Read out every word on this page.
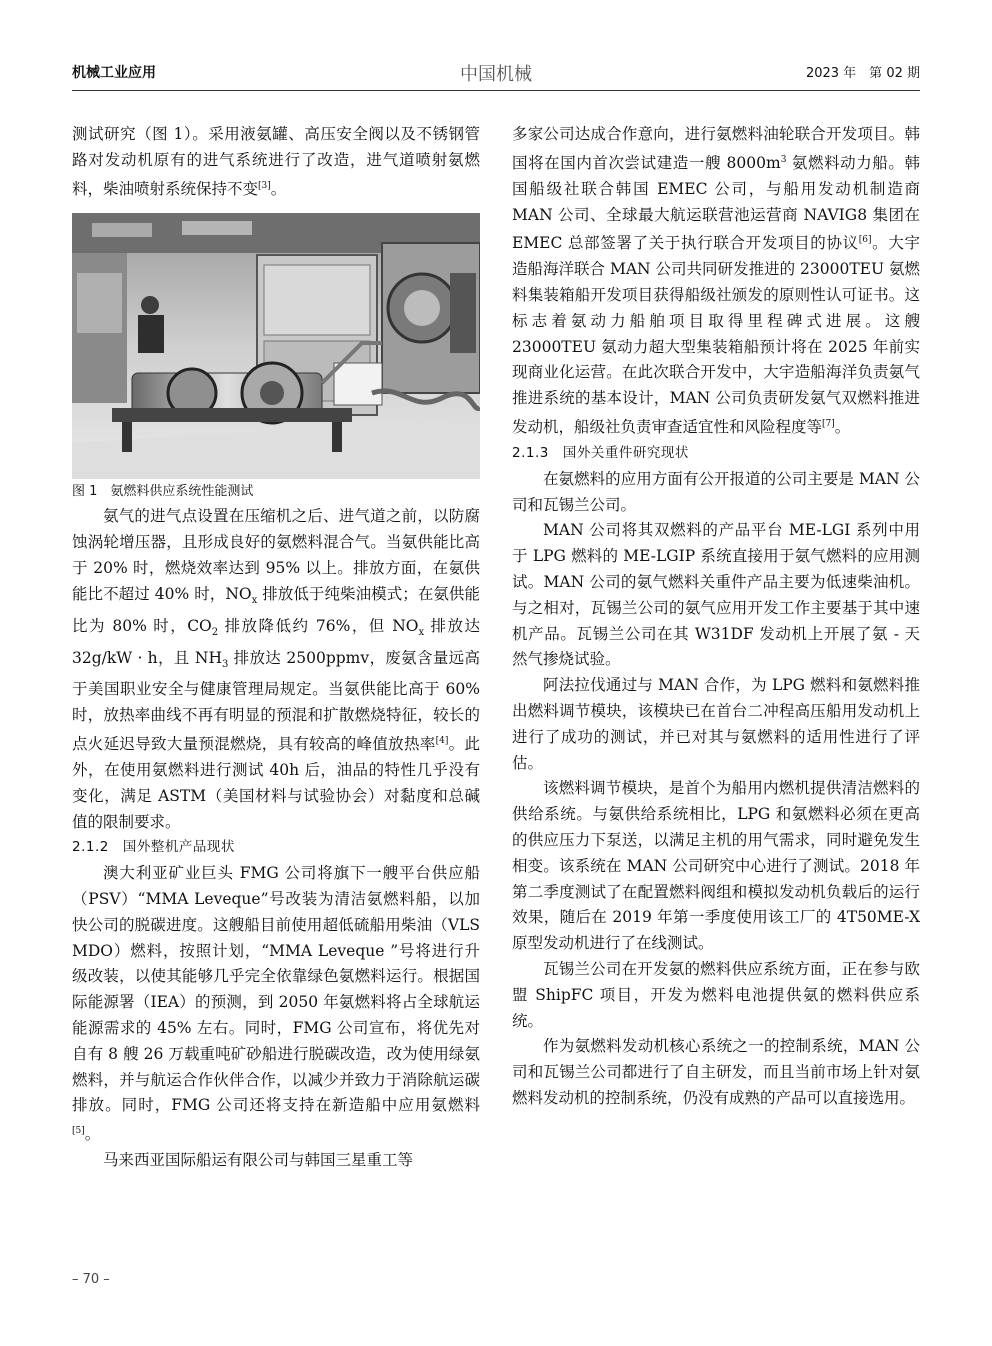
机械工业应用	中国机械	2023 年　第 02 期

测试研究（图 1）。采用液氨罐、高压安全阀以及不锈钢管路对发动机原有的进气系统进行了改造，进气道喷射氨燃料，柴油喷射系统保持不变[3]。

图 1　氨燃料供应系统性能测试

氨气的进气点设置在压缩机之后、进气道之前，以防腐蚀涡轮增压器，且形成良好的氨燃料混合气。当氨供能比高于 20% 时，燃烧效率达到 95% 以上。排放方面，在氨供能比不超过 40% 时，$NO_x$ 排放低于纯柴油模式；在氨供能比为 80% 时，$CO_2$ 排放降低约 76%，但 $NO_x$ 排放达 32g/kW · h，且 $NH_3$ 排放达 2500ppmv，废氨含量远高于美国职业安全与健康管理局规定。当氨供能比高于 60% 时，放热率曲线不再有明显的预混和扩散燃烧特征，较长的点火延迟导致大量预混燃烧，具有较高的峰值放热率[4]。此外，在使用氨燃料进行测试 40h 后，油品的特性几乎没有变化，满足 ASTM（美国材料与试验协会）对黏度和总碱值的限制要求。

2.1.2　国外整机产品现状

澳大利亚矿业巨头 FMG 公司将旗下一艘平台供应船（PSV）“MMA Leveque”号改装为清洁氨燃料船，以加快公司的脱碳进度。这艘船目前使用超低硫船用柴油（VLS MDO）燃料，按照计划，“MMA Leveque ”号将进行升级改装，以使其能够几乎完全依靠绿色氨燃料运行。根据国际能源署（IEA）的预测，到 2050 年氨燃料将占全球航运能源需求的 45% 左右。同时，FMG 公司宣布，将优先对自有 8 艘 26 万载重吨矿砂船进行脱碳改造，改为使用绿氨燃料，并与航运合作伙伴合作，以减少并致力于消除航运碳排放。同时，FMG 公司还将支持在新造船中应用氨燃料[5]。

马来西亚国际船运有限公司与韩国三星重工等

多家公司达成合作意向，进行氨燃料油轮联合开发项目。韩国将在国内首次尝试建造一艘 $8000m^3$ 氨燃料动力船。韩国船级社联合韩国 EMEC 公司，与船用发动机制造商 MAN 公司、全球最大航运联营池运营商 NAVIG8 集团在 EMEC 总部签署了关于执行联合开发项目的协议[6]。大宇造船海洋联合 MAN 公司共同研发推进的 23000TEU 氨燃料集装箱船开发项目获得船级社颁发的原则性认可证书。这标志着氨动力船舶项目取得里程碑式进展。这艘 23000TEU 氨动力超大型集装箱船预计将在 2025 年前实现商业化运营。在此次联合开发中，大宇造船海洋负责氨气推进系统的基本设计，MAN 公司负责研发氨气双燃料推进发动机，船级社负责审查适宜性和风险程度等[7]。

2.1.3　国外关重件研究现状

在氨燃料的应用方面有公开报道的公司主要是 MAN 公司和瓦锡兰公司。

MAN 公司将其双燃料的产品平台 ME-LGI 系列中用于 LPG 燃料的 ME-LGIP 系统直接用于氨气燃料的应用测试。MAN 公司的氨气燃料关重件产品主要为低速柴油机。与之相对，瓦锡兰公司的氨气应用开发工作主要基于其中速机产品。瓦锡兰公司在其 W31DF 发动机上开展了氨 - 天然气掺烧试验。

阿法拉伐通过与 MAN 合作，为 LPG 燃料和氨燃料推出燃料调节模块，该模块已在首台二冲程高压船用发动机上进行了成功的测试，并已对其与氨燃料的适用性进行了评估。

该燃料调节模块，是首个为船用内燃机提供清洁燃料的供给系统。与氨供给系统相比，LPG 和氨燃料必须在更高的供应压力下泵送，以满足主机的用气需求，同时避免发生相变。该系统在 MAN 公司研究中心进行了测试。2018 年第二季度测试了在配置燃料阀组和模拟发动机负载后的运行效果，随后在 2019 年第一季度使用该工厂的 4T50ME-X 原型发动机进行了在线测试。

瓦锡兰公司在开发氨的燃料供应系统方面，正在参与欧盟 ShipFC 项目，开发为燃料电池提供氨的燃料供应系统。

作为氨燃料发动机核心系统之一的控制系统，MAN 公司和瓦锡兰公司都进行了自主研发，而且当前市场上针对氨燃料发动机的控制系统，仍没有成熟的产品可以直接选用。

– 70 –
